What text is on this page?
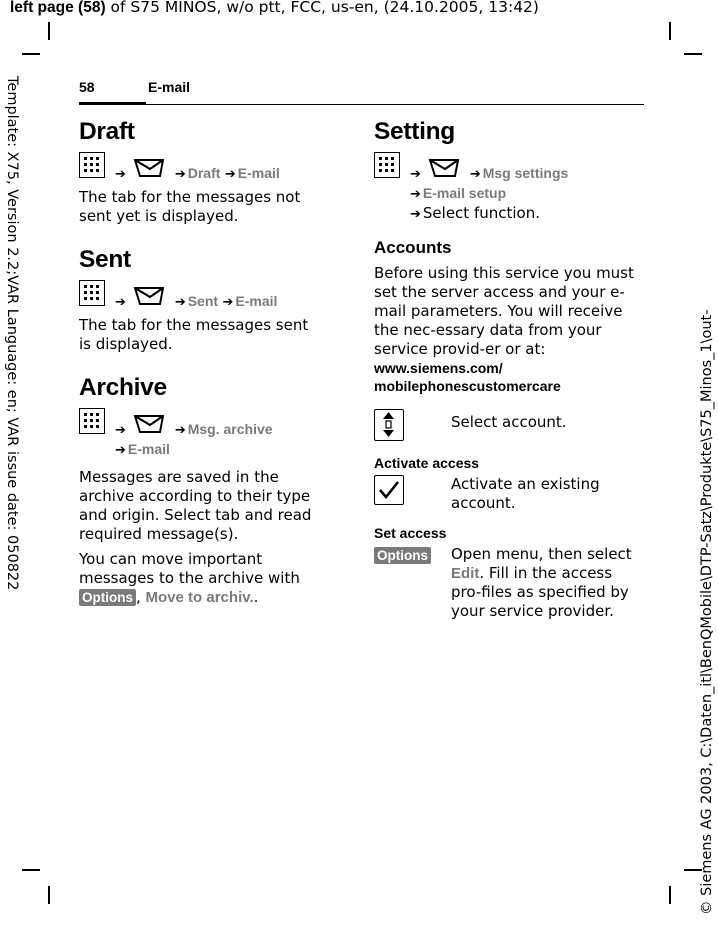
left page (58) of S75 MINOS, w/o ptt, FCC, us-en, (24.10.2005, 13:42)
Template: X75, Version 2.2;VAR Language: en; VAR issue date: 050822	© Siemens AG 2003, C:\Daten_itl\BenQMobile\DTP-Satz\Produkte\S75_Minos_1\out-
58	E-mail
Draft
➔	➔ Draft ➔ E-mail

The tab for the messages not sent yet is displayed.

Sent
➔	➔ Sent ➔ E-mail

The tab for the messages sent is displayed.

Archive
➔	➔ Msg. archive
➔ E-mail

Messages are saved in the archive according to their type and origin. Select tab and read required message(s).

You can move important messages to the archive with Options , Move to archiv..

Setting
➔	➔ Msg settings
➔ E-mail setup
➔ Select function.
Accounts

Before using this service you must set the server access and your e-mail parameters. You will receive the nec-essary data from your service provid-er or at:

www.siemens.com/
mobilephonescustomercare

Select account.

Activate access

Activate an existing account.

Set access
Options	Open menu, then select Edit. Fill in the access pro-files as specified by your service provider.
